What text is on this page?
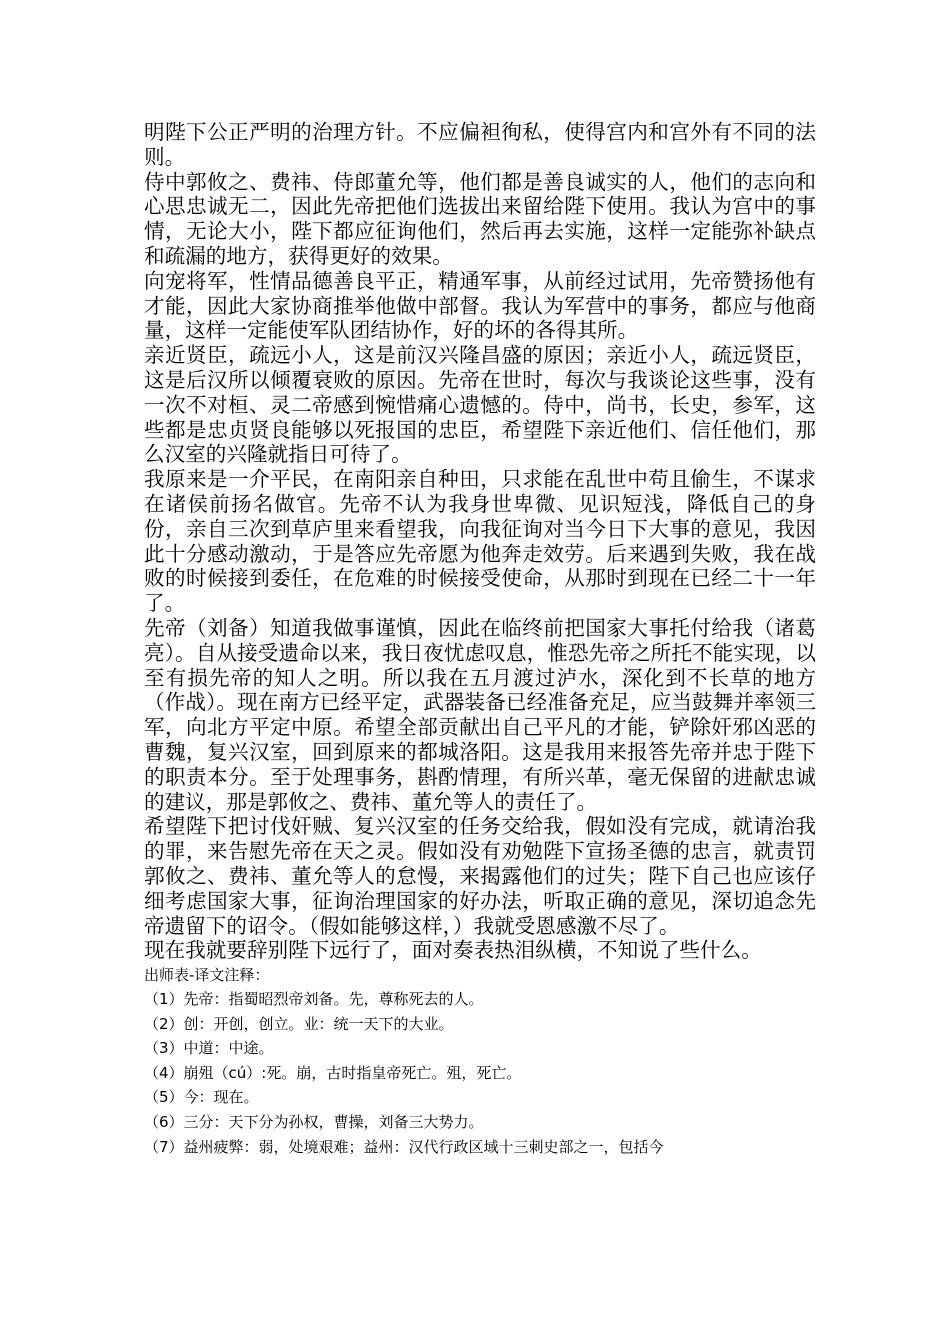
明陛下公正严明的治理方针。不应偏袒徇私，使得宫内和宫外有不同的法则。

侍中郭攸之、费祎、侍郎董允等，他们都是善良诚实的人，他们的志向和心思忠诚无二，因此先帝把他们选拔出来留给陛下使用。我认为宫中的事情，无论大小，陛下都应征询他们，然后再去实施，这样一定能弥补缺点和疏漏的地方，获得更好的效果。

向宠将军，性情品德善良平正，精通军事，从前经过试用，先帝赞扬他有才能，因此大家协商推举他做中部督。我认为军营中的事务，都应与他商量，这样一定能使军队团结协作，好的坏的各得其所。

亲近贤臣，疏远小人，这是前汉兴隆昌盛的原因；亲近小人，疏远贤臣，这是后汉所以倾覆衰败的原因。先帝在世时，每次与我谈论这些事，没有一次不对桓、灵二帝感到惋惜痛心遗憾的。侍中，尚书，长史，参军，这些都是忠贞贤良能够以死报国的忠臣，希望陛下亲近他们、信任他们，那么汉室的兴隆就指日可待了。

我原来是一介平民，在南阳亲自种田，只求能在乱世中苟且偷生，不谋求在诸侯前扬名做官。先帝不认为我身世卑微、见识短浅，降低自己的身份，亲自三次到草庐里来看望我，向我征询对当今日下大事的意见，我因此十分感动激动，于是答应先帝愿为他奔走效劳。后来遇到失败，我在战败的时候接到委任，在危难的时候接受使命，从那时到现在已经二十一年了。

先帝（刘备）知道我做事谨慎，因此在临终前把国家大事托付给我（诸葛亮）。自从接受遗命以来，我日夜忧虑叹息，惟恐先帝之所托不能实现，以至有损先帝的知人之明。所以我在五月渡过泸水，深化到不长草的地方（作战）。现在南方已经平定，武器装备已经准备充足，应当鼓舞并率领三军，向北方平定中原。希望全部贡献出自己平凡的才能，铲除奸邪凶恶的曹魏，复兴汉室，回到原来的都城洛阳。这是我用来报答先帝并忠于陛下的职责本分。至于处理事务，斟酌情理，有所兴革，毫无保留的进献忠诚的建议，那是郭攸之、费祎、董允等人的责任了。

希望陛下把讨伐奸贼、复兴汉室的任务交给我，假如没有完成，就请治我的罪，来告慰先帝在天之灵。假如没有劝勉陛下宣扬圣德的忠言，就责罚郭攸之、费祎、董允等人的怠慢，来揭露他们的过失；陛下自己也应该仔细考虑国家大事，征询治理国家的好办法，听取正确的意见，深切追念先帝遗留下的诏令。（假如能够这样，）我就受恩感激不尽了。

现在我就要辞别陛下远行了，面对奏表热泪纵横，不知说了些什么。

出师表-译文注释：

（1）先帝：指蜀昭烈帝刘备。先，尊称死去的人。

（2）创：开创，创立。业：统一天下的大业。

（3）中道：中途。

（4）崩殂（cú）:死。崩，古时指皇帝死亡。殂，死亡。

（5）今：现在。

（6）三分：天下分为孙权，曹操，刘备三大势力。

（7）益州疲弊：弱，处境艰难；益州：汉代行政区域十三刺史部之一，包括今
